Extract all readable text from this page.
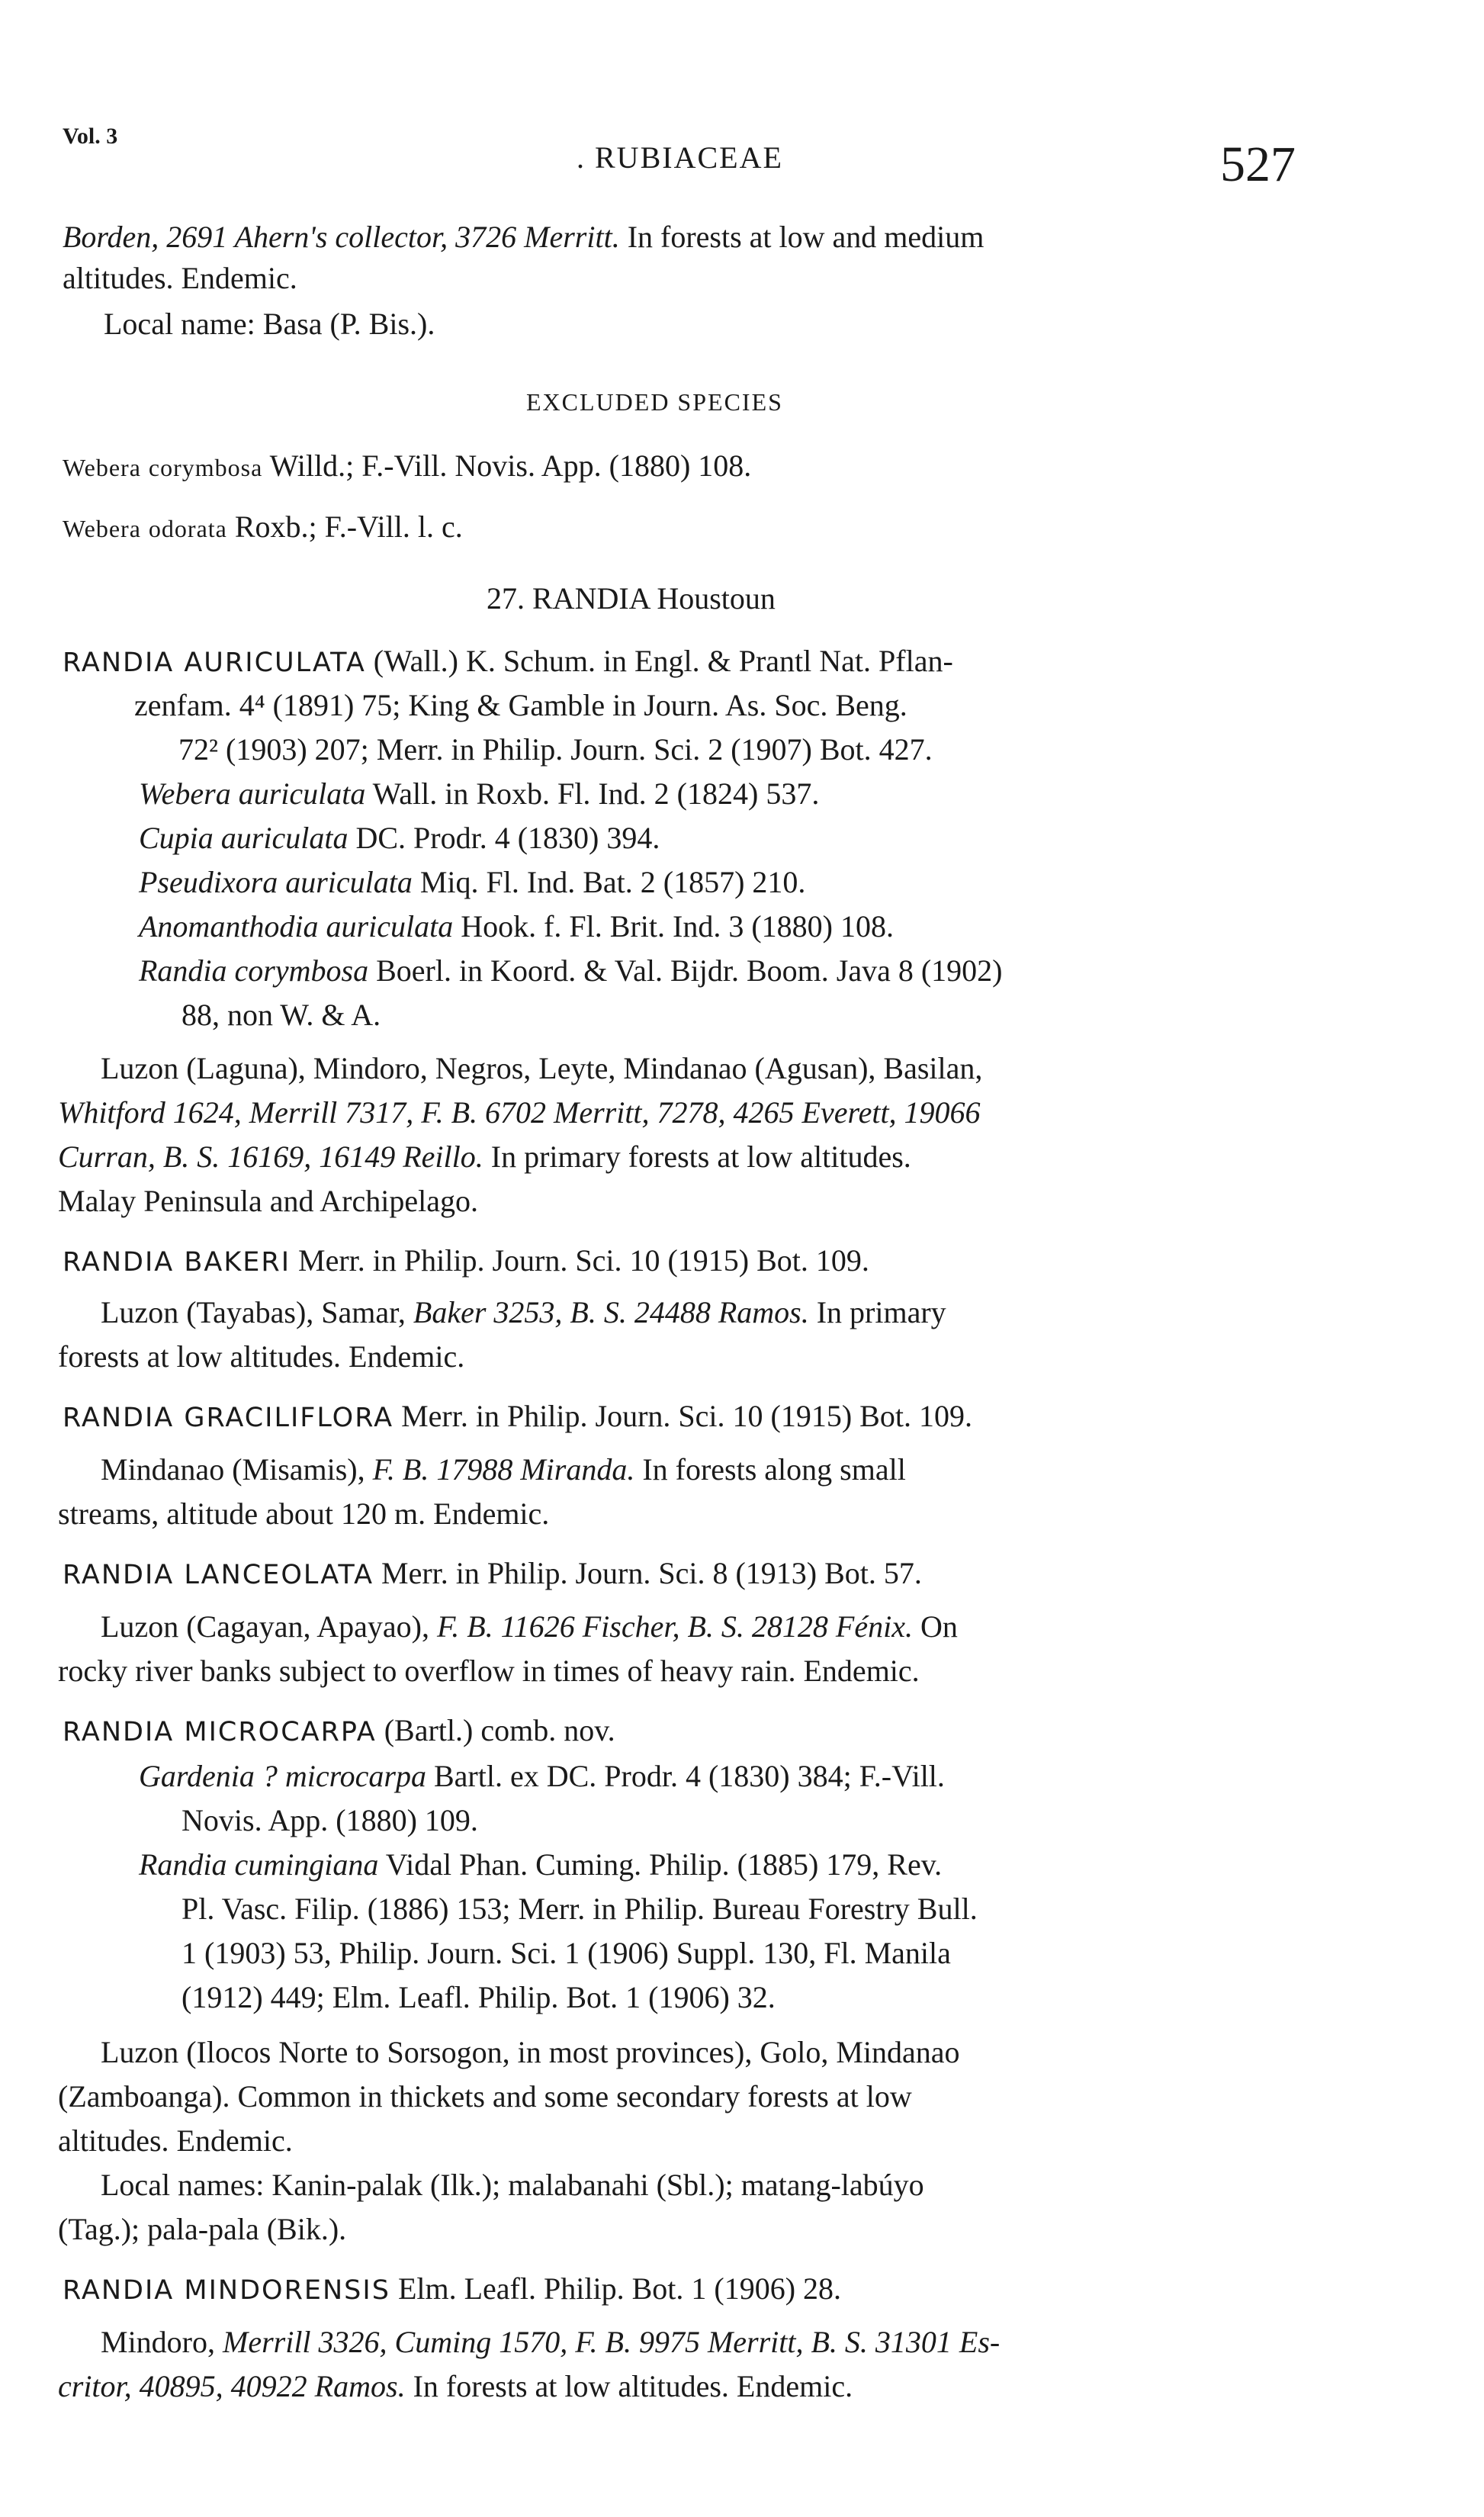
Vol. 3
. RUBIACEAE	527
Borden, 2691 Ahern's collector, 3726 Merritt. In forests at low and medium
altitudes. Endemic.
Local name: Basa (P. Bis.).
EXCLUDED SPECIES
Webera corymbosa Willd.; F.-Vill. Novis. App. (1880) 108.
Webera odorata Roxb.; F.-Vill. l. c.
27. RANDIA Houstoun
RANDIA AURICULATA (Wall.) K. Schum. in Engl. & Prantl Nat. Pflan-
zenfam. 4⁴ (1891) 75; King & Gamble in Journ. As. Soc. Beng.
72² (1903) 207; Merr. in Philip. Journ. Sci. 2 (1907) Bot. 427.
Webera auriculata Wall. in Roxb. Fl. Ind. 2 (1824) 537.
Cupia auriculata DC. Prodr. 4 (1830) 394.
Pseudixora auriculata Miq. Fl. Ind. Bat. 2 (1857) 210.
Anomanthodia auriculata Hook. f. Fl. Brit. Ind. 3 (1880) 108.
Randia corymbosa Boerl. in Koord. & Val. Bijdr. Boom. Java 8 (1902)
88, non W. & A.
Luzon (Laguna), Mindoro, Negros, Leyte, Mindanao (Agusan), Basilan,
Whitford 1624, Merrill 7317, F. B. 6702 Merritt, 7278, 4265 Everett, 19066
Curran, B. S. 16169, 16149 Reillo. In primary forests at low altitudes.
Malay Peninsula and Archipelago.
RANDIA BAKERI Merr. in Philip. Journ. Sci. 10 (1915) Bot. 109.
Luzon (Tayabas), Samar, Baker 3253, B. S. 24488 Ramos. In primary
forests at low altitudes. Endemic.
RANDIA GRACILIFLORA Merr. in Philip. Journ. Sci. 10 (1915) Bot. 109.
Mindanao (Misamis), F. B. 17988 Miranda. In forests along small
streams, altitude about 120 m. Endemic.
RANDIA LANCEOLATA Merr. in Philip. Journ. Sci. 8 (1913) Bot. 57.
Luzon (Cagayan, Apayao), F. B. 11626 Fischer, B. S. 28128 Fénix. On
rocky river banks subject to overflow in times of heavy rain. Endemic.
RANDIA MICROCARPA (Bartl.) comb. nov.
Gardenia ? microcarpa Bartl. ex DC. Prodr. 4 (1830) 384; F.-Vill.
Novis. App. (1880) 109.
Randia cumingiana Vidal Phan. Cuming. Philip. (1885) 179, Rev.
Pl. Vasc. Filip. (1886) 153; Merr. in Philip. Bureau Forestry Bull.
1 (1903) 53, Philip. Journ. Sci. 1 (1906) Suppl. 130, Fl. Manila
(1912) 449; Elm. Leafl. Philip. Bot. 1 (1906) 32.
Luzon (Ilocos Norte to Sorsogon, in most provinces), Golo, Mindanao
(Zamboanga). Common in thickets and some secondary forests at low
altitudes. Endemic.
Local names: Kanin-palak (Ilk.); malabanahi (Sbl.); matang-labúyo
(Tag.); pala-pala (Bik.).
RANDIA MINDORENSIS Elm. Leafl. Philip. Bot. 1 (1906) 28.
Mindoro, Merrill 3326, Cuming 1570, F. B. 9975 Merritt, B. S. 31301 Es-
critor, 40895, 40922 Ramos. In forests at low altitudes. Endemic.
